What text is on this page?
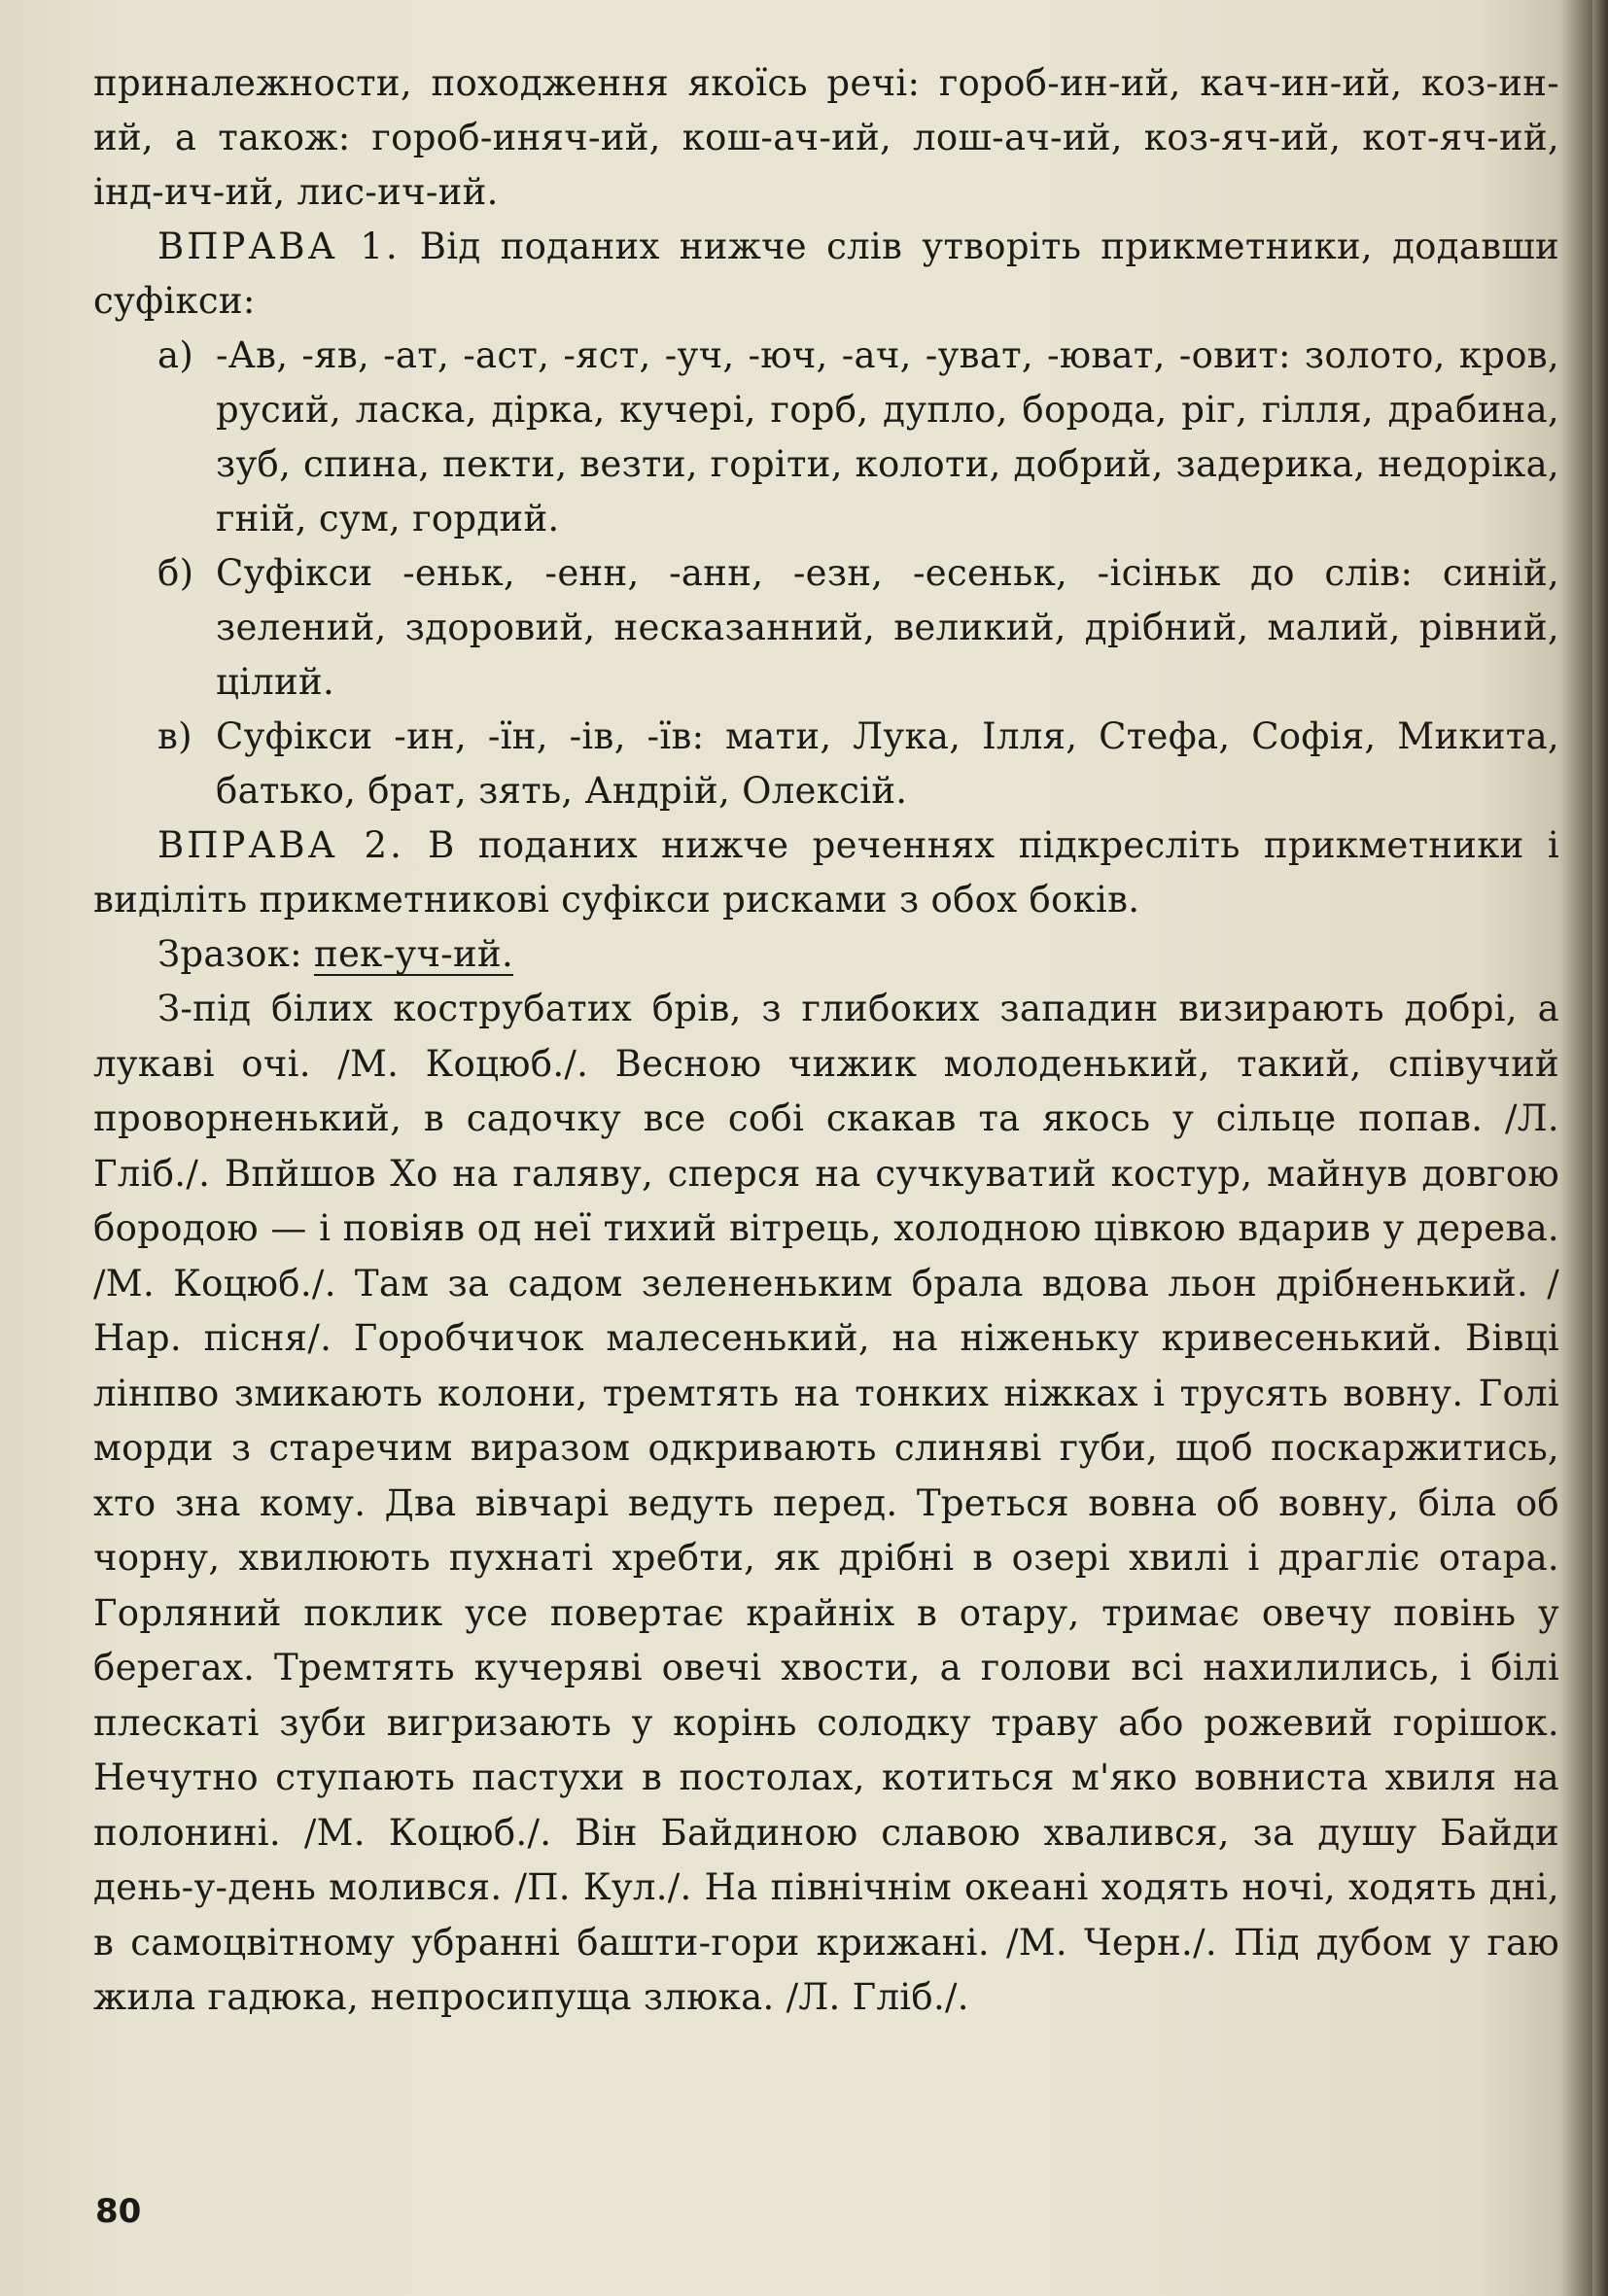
приналежности, походження якоїсь речі: гороб-ин-ий, кач-ин-ий, коз-ин-ий, а також: гороб-иняч-ий, кош-ач-ий, лош-ач-ий, коз-яч-ий, кот-яч-ий, інд-ич-ий, лис-ич-ий.

ВПРАВА 1. Від поданих нижче слів утворіть прикметники, додавши суфікси:

а) -Ав, -яв, -ат, -аст, -яст, -уч, -юч, -ач, -уват, -юват, -овит: золото, кров, русий, ласка, дірка, кучері, горб, дупло, борода, ріг, гілля, драбина, зуб, спина, пекти, везти, горіти, колоти, добрий, задерика, недоріка, гній, сум, гордий.

б) Суфікси -еньк, -енн, -анн, -езн, -есеньк, -ісіньк до слів: синій, зелений, здоровий, несказанний, великий, дрібний, малий, рівний, цілий.

в) Суфікси -ин, -їн, -ів, -їв: мати, Лука, Ілля, Стефа, Софія, Микита, батько, брат, зять, Андрій, Олексій.

ВПРАВА 2. В поданих нижче реченнях підкресліть прикметники і виділіть прикметникові суфікси рисками з обох боків.

Зразок: пек-уч-ий.

З-під білих кострубатих брів, з глибоких западин визирають добрі, а лукаві очі. /М. Коцюб./. Весною чижик молоденький, такий, співучий проворненький, в садочку все собі скакав та якось у сільце попав. /Л. Гліб./. Впйшов Хо на галяву, сперся на сучкуватий костур, майнув довгою бородою — і повіяв од неї тихий вітрець, холодною цівкою вдарив у дерева. /М. Коцюб./. Там за садом зелененьким брала вдова льон дрібненький. /Нар. пісня/. Горобчичок малесенький, на ніженьку кривесенький. Вівці лінпво змикають колони, тремтять на тонких ніжках і трусять вовну. Голі морди з старечим виразом одкривають слиняві губи, щоб поскаржитись, хто зна кому. Два вівчарі ведуть перед. Треться вовна об вовну, біла об чорну, хвилюють пухнаті хребти, як дрібні в озері хвилі і драгліє отара. Горляний поклик усе повертає крайніх в отару, тримає овечу повінь у берегах. Тремтять кучеряві овечі хвости, а голови всі нахилились, і білі плескаті зуби вигризають у корінь солодку траву або рожевий горішок. Нечутно ступають пастухи в постолах, котиться м'яко вовниста хвиля на полонині. /М. Коцюб./. Він Байдиною славою хвалився, за душу Байди день-у-день молився. /П. Кул./. На північнім океані ходять ночі, ходять дні, в самоцвітному убранні башти-гори крижані. /М. Черн./. Під дубом у гаю жила гадюка, непросипуща злюка. /Л. Гліб./.

80
